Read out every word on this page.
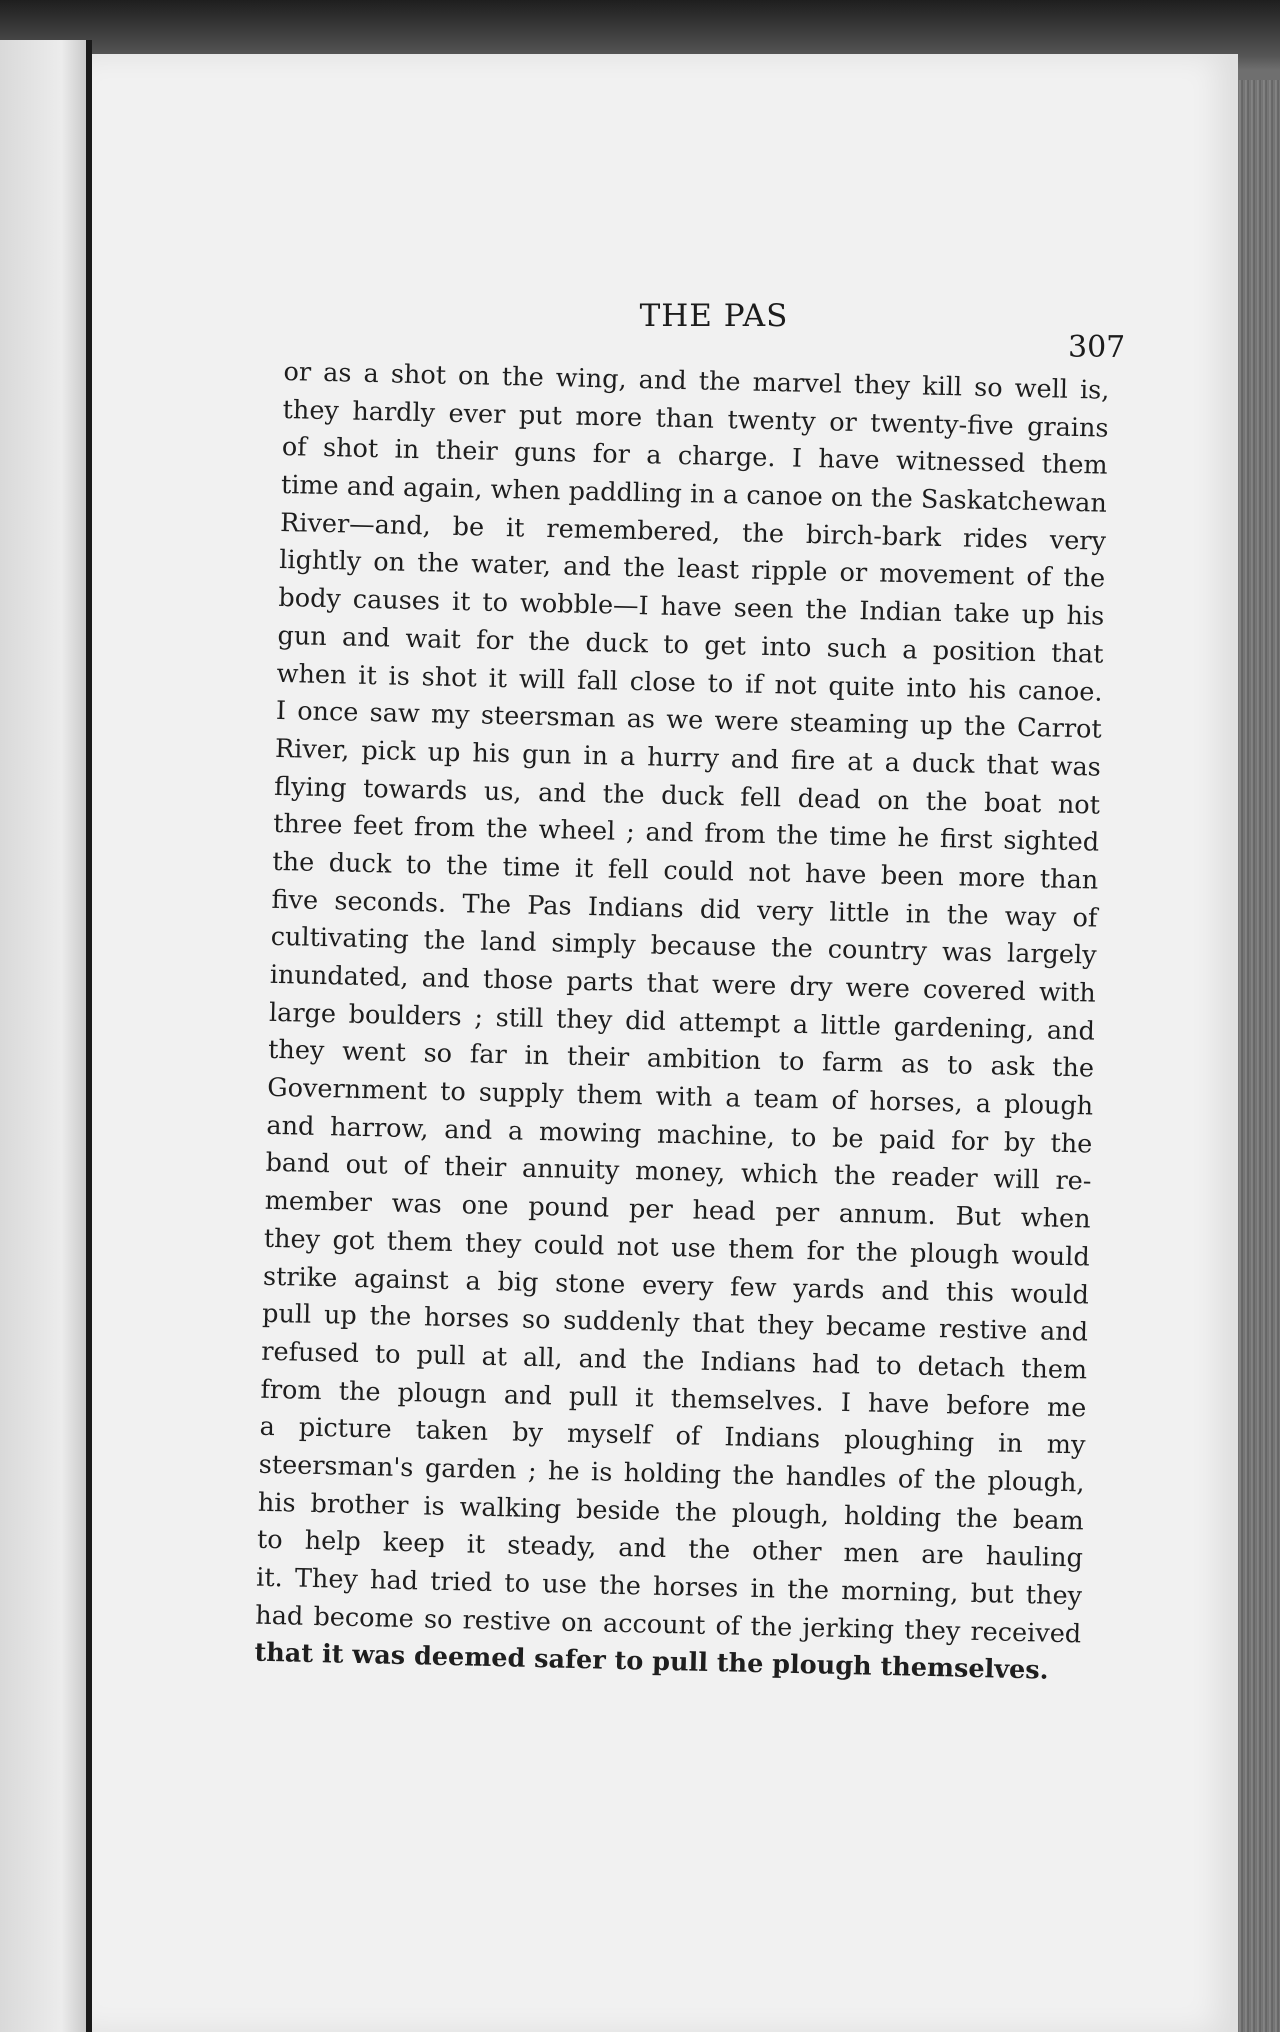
THE PAS
307
or as a shot on the wing, and the marvel they kill so well is,
they hardly ever put more than twenty or twenty-five grains
of shot in their guns for a charge. I have witnessed them
time and again, when paddling in a canoe on the Saskatchewan
River—and, be it remembered, the birch-bark rides very
lightly on the water, and the least ripple or movement of the
body causes it to wobble—I have seen the Indian take up his
gun and wait for the duck to get into such a position that
when it is shot it will fall close to if not quite into his canoe.
I once saw my steersman as we were steaming up the Carrot
River, pick up his gun in a hurry and fire at a duck that was
flying towards us, and the duck fell dead on the boat not
three feet from the wheel ; and from the time he first sighted
the duck to the time it fell could not have been more than
five seconds. The Pas Indians did very little in the way of
cultivating the land simply because the country was largely
inundated, and those parts that were dry were covered with
large boulders ; still they did attempt a little gardening, and
they went so far in their ambition to farm as to ask the
Government to supply them with a team of horses, a plough
and harrow, and a mowing machine, to be paid for by the
band out of their annuity money, which the reader will re-
member was one pound per head per annum. But when
they got them they could not use them for the plough would
strike against a big stone every few yards and this would
pull up the horses so suddenly that they became restive and
refused to pull at all, and the Indians had to detach them
from the plougn and pull it themselves. I have before me
a picture taken by myself of Indians ploughing in my
steersman's garden ; he is holding the handles of the plough,
his brother is walking beside the plough, holding the beam
to help keep it steady, and the other men are hauling
it. They had tried to use the horses in the morning, but they
had become so restive on account of the jerking they received
that it was deemed safer to pull the plough themselves.
